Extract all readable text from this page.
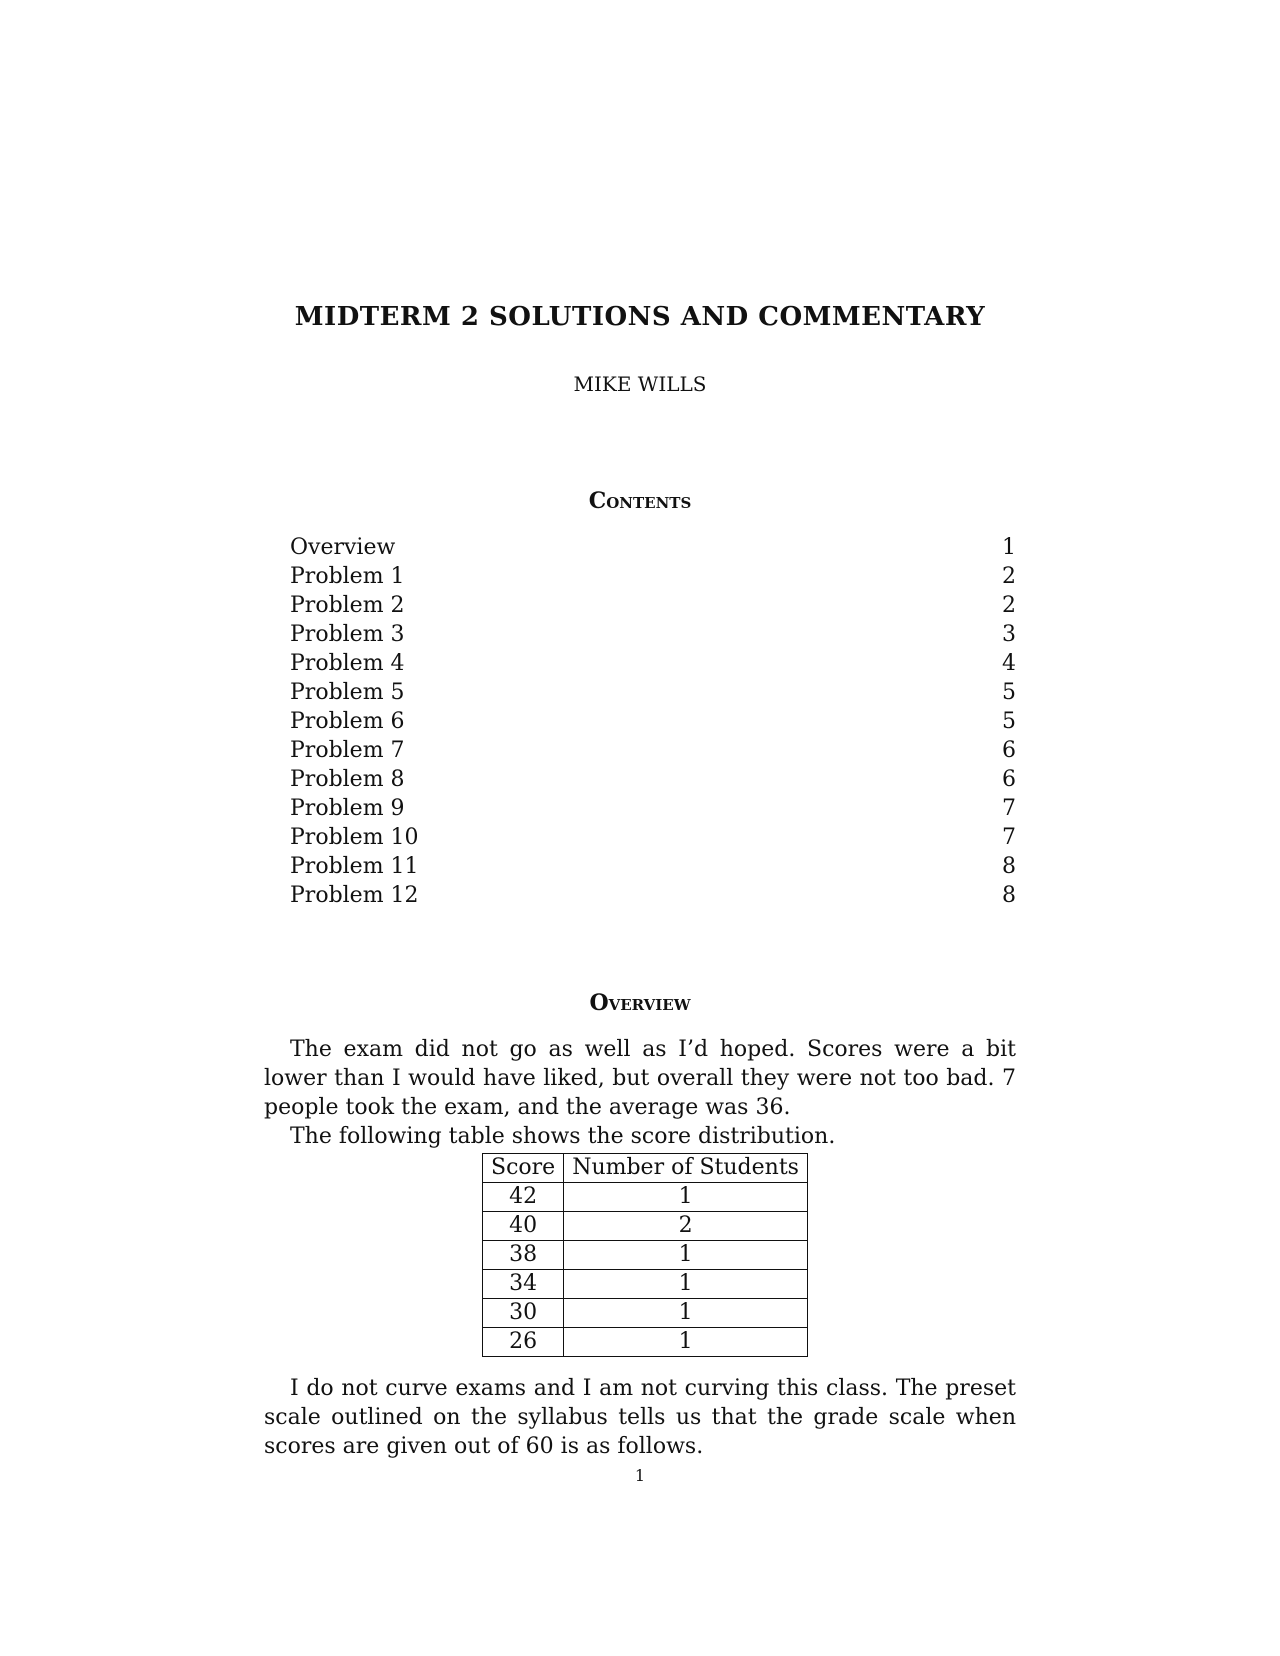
MIDTERM 2 SOLUTIONS AND COMMENTARY
MIKE WILLS
Contents
Overview	1
Problem 1	2
Problem 2	2
Problem 3	3
Problem 4	4
Problem 5	5
Problem 6	5
Problem 7	6
Problem 8	6
Problem 9	7
Problem 10	7
Problem 11	8
Problem 12	8
Overview

The exam did not go as well as I’d hoped. Scores were a bit lower than I would have liked, but overall they were not too bad. 7 people took the exam, and the average was 36.

The following table shows the score distribution.

Score	Number of Students
42	1
40	2
38	1
34	1
30	1
26	1

I do not curve exams and I am not curving this class. The preset scale outlined on the syllabus tells us that the grade scale when scores are given out of 60 is as follows.

1
